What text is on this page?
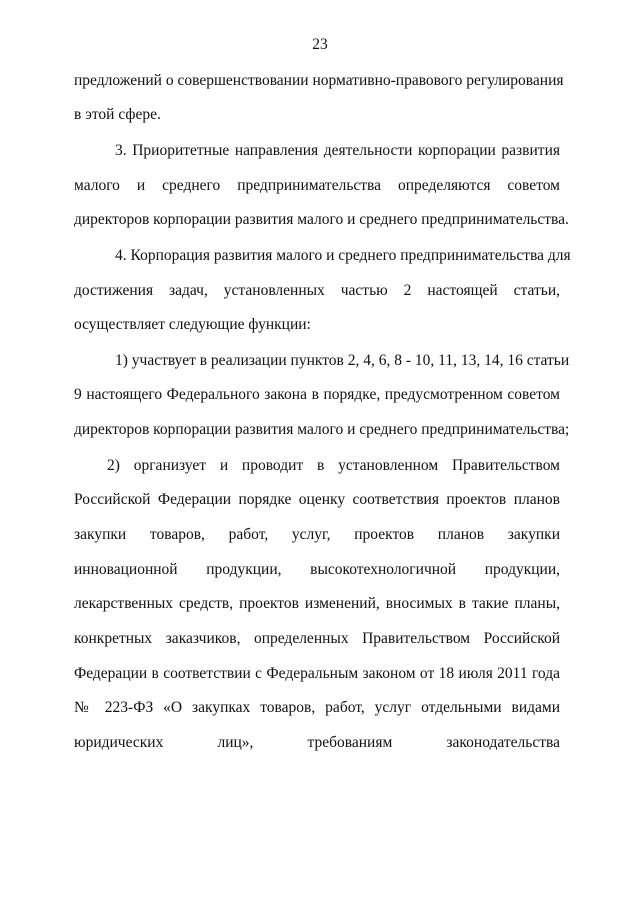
23
предложений о совершенствовании нормативно-правового регулирования
в этой сфере.
3. Приоритетные направления деятельности корпорации развития
малого и среднего предпринимательства определяются советом
директоров корпорации развития малого и среднего предпринимательства.
4. Корпорация развития малого и среднего предпринимательства для
достижения задач, установленных частью 2 настоящей статьи,
осуществляет следующие функции:
1) участвует в реализации пунктов 2, 4, 6, 8 - 10, 11, 13, 14, 16 статьи
9 настоящего Федерального закона в порядке, предусмотренном советом
директоров корпорации развития малого и среднего предпринимательства;
2) организует и проводит в установленном Правительством
Российской Федерации порядке оценку соответствия проектов планов
закупки товаров, работ, услуг, проектов планов закупки
инновационной продукции, высокотехнологичной продукции,
лекарственных средств, проектов изменений, вносимых в такие планы,
конкретных заказчиков, определенных Правительством Российской
Федерации в соответствии с Федеральным законом от 18 июля 2011 года
№ 223-ФЗ «О закупках товаров, работ, услуг отдельными видами
юридических лиц», требованиям законодательства
